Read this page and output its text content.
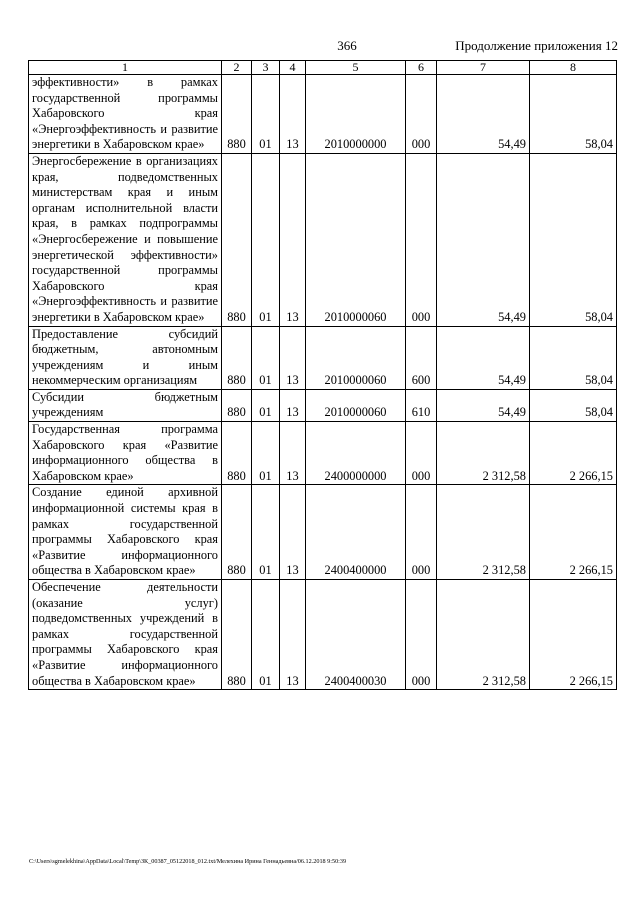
366	Продолжение приложения 12
1	2	3	4	5	6	7	8
эффективности» в рамках государственной программы Хабаровского края «Энергоэффективность и развитие энергетики в Хабаровском крае»	880	01	13	2010000000	000	54,49	58,04
Энергосбережение в организациях края, подведомственных министерствам края и иным органам исполнительной власти края, в рамках подпрограммы «Энергосбережение и повышение энергетической эффективности» государственной программы Хабаровского края «Энергоэффективность и развитие энергетики в Хабаровском крае»	880	01	13	2010000060	000	54,49	58,04
Предоставление субсидий бюджетным, автономным учреждениям и иным некоммерческим организациям	880	01	13	2010000060	600	54,49	58,04
Субсидии бюджетным учреждениям	880	01	13	2010000060	610	54,49	58,04
Государственная программа Хабаровского края «Развитие информационного общества в Хабаровском крае»	880	01	13	2400000000	000	2 312,58	2 266,15
Создание единой архивной информационной системы края в рамках государственной программы Хабаровского края «Развитие информационного общества в Хабаровском крае»	880	01	13	2400400000	000	2 312,58	2 266,15
Обеспечение деятельности (оказание услуг) подведомственных учреждений в рамках государственной программы Хабаровского края «Развитие информационного общества в Хабаровском крае»	880	01	13	2400400030	000	2 312,58	2 266,15
C:\Users\sgmelekhina\AppData\Local\Temp\ЗК_00387_05122018_012.txt/Мелехина Ирина Геннадьевна/06.12.2018 9:50:39
